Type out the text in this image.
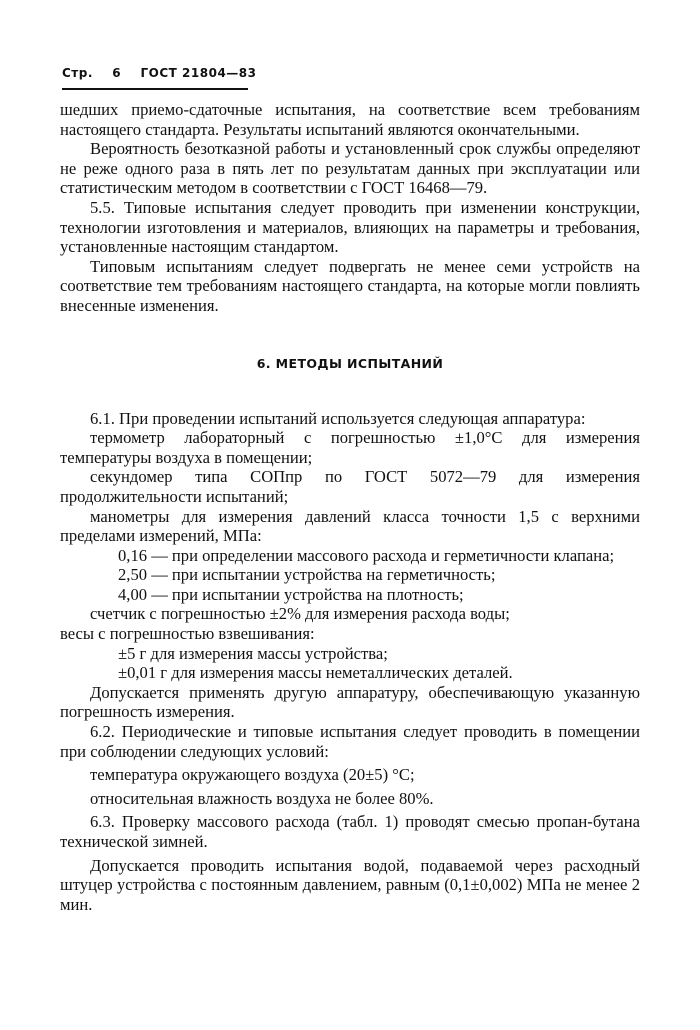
Стр. 6 ГОСТ 21804—83

шедших приемо-сдаточные испытания, на соответствие всем требованиям настоящего стандарта. Результаты испытаний являются окончательными.

Вероятность безотказной работы и установленный срок службы определяют не реже одного раза в пять лет по результатам данных при эксплуатации или статистическим методом в соответствии с ГОСТ 16468—79.

5.5. Типовые испытания следует проводить при изменении конструкции, технологии изготовления и материалов, влияющих на параметры и требования, установленные настоящим стандартом.

Типовым испытаниям следует подвергать не менее семи устройств на соответствие тем требованиям настоящего стандарта, на которые могли повлиять внесенные изменения.

6. МЕТОДЫ ИСПЫТАНИЙ

6.1. При проведении испытаний используется следующая аппаратура:

термометр лабораторный с погрешностью ±1,0°С для измерения температуры воздуха в помещении;

секундомер типа СОПпр по ГОСТ 5072—79 для измерения продолжительности испытаний;

манометры для измерения давлений класса точности 1,5 с верхними пределами измерений, МПа:

0,16 — при определении массового расхода и герметичности клапана;

2,50 — при испытании устройства на герметичность;

4,00 — при испытании устройства на плотность;

счетчик с погрешностью ±2% для измерения расхода воды;

весы с погрешностью взвешивания:

±5 г для измерения массы устройства;

±0,01 г для измерения массы неметаллических деталей.

Допускается применять другую аппаратуру, обеспечивающую указанную погрешность измерения.

6.2. Периодические и типовые испытания следует проводить в помещении при соблюдении следующих условий:

температура окружающего воздуха (20±5) °С;

относительная влажность воздуха не более 80%.

6.3. Проверку массового расхода (табл. 1) проводят смесью пропан-бутана технической зимней.

Допускается проводить испытания водой, подаваемой через расходный штуцер устройства с постоянным давлением, равным (0,1±0,002) МПа не менее 2 мин.
